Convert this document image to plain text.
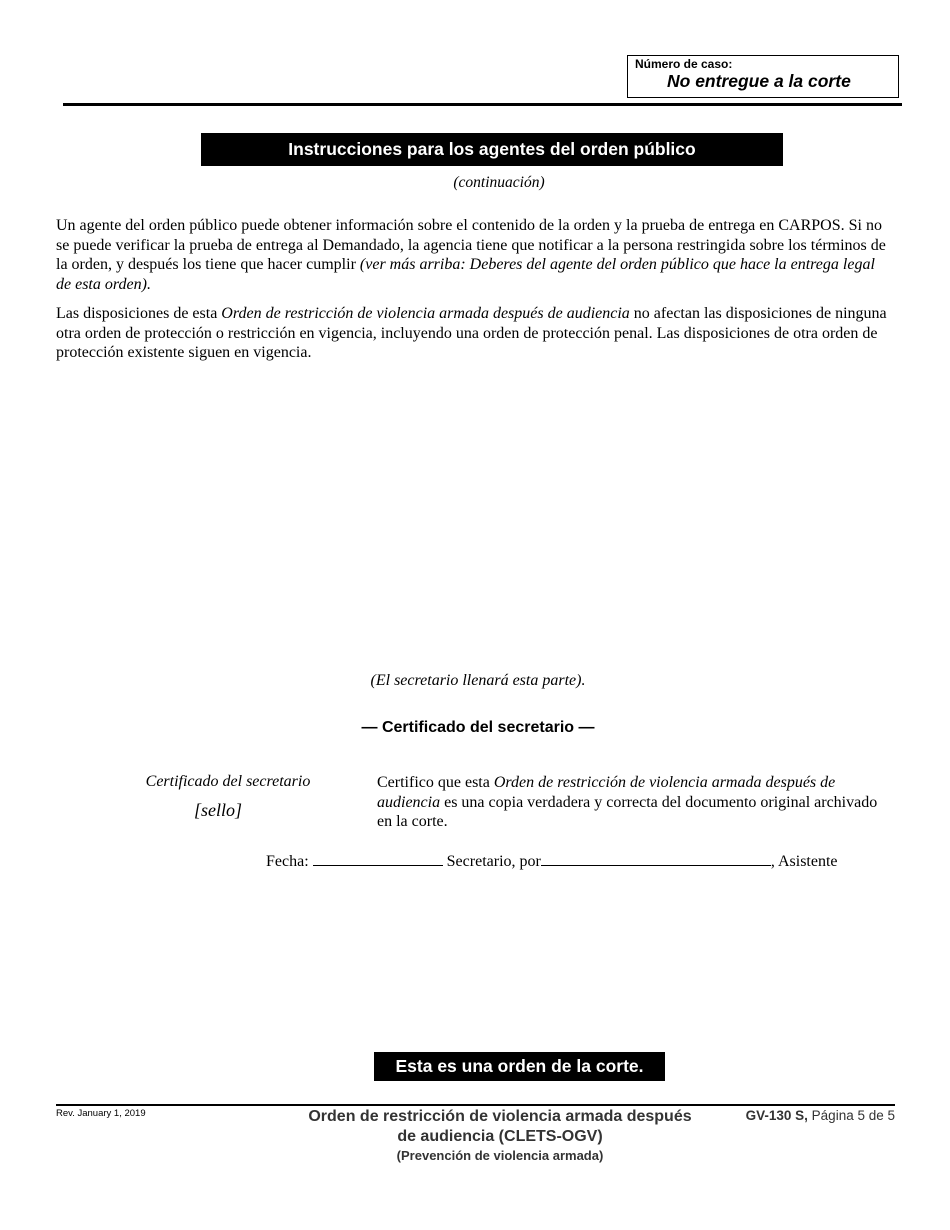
Número de caso:
No entregue a la corte
Instrucciones para los agentes del orden público
(continuación)

Un agente del orden público puede obtener información sobre el contenido de la orden y la prueba de entrega en CARPOS. Si no se puede verificar la prueba de entrega al Demandado, la agencia tiene que notificar a la persona restringida sobre los términos de la orden, y después los tiene que hacer cumplir (ver más arriba: Deberes del agente del orden público que hace la entrega legal de esta orden).

Las disposiciones de esta Orden de restricción de violencia armada después de audiencia no afectan las disposiciones de ninguna otra orden de protección o restricción en vigencia, incluyendo una orden de protección penal. Las disposiciones de otra orden de protección existente siguen en vigencia.

(El secretario llenará esta parte).
— Certificado del secretario —
Certificado del secretario
[sello]

Certifico que esta Orden de restricción de violencia armada después de audiencia es una copia verdadera y correcta del documento original archivado en la corte.

Fecha:	Secretario, por	, Asistente
Esta es una orden de la corte.
Rev. January 1, 2019	Orden de restricción de violencia armada después
de audiencia (CLETS-OGV)
(Prevención de violencia armada)
GV-130 S, Página 5 de 5
